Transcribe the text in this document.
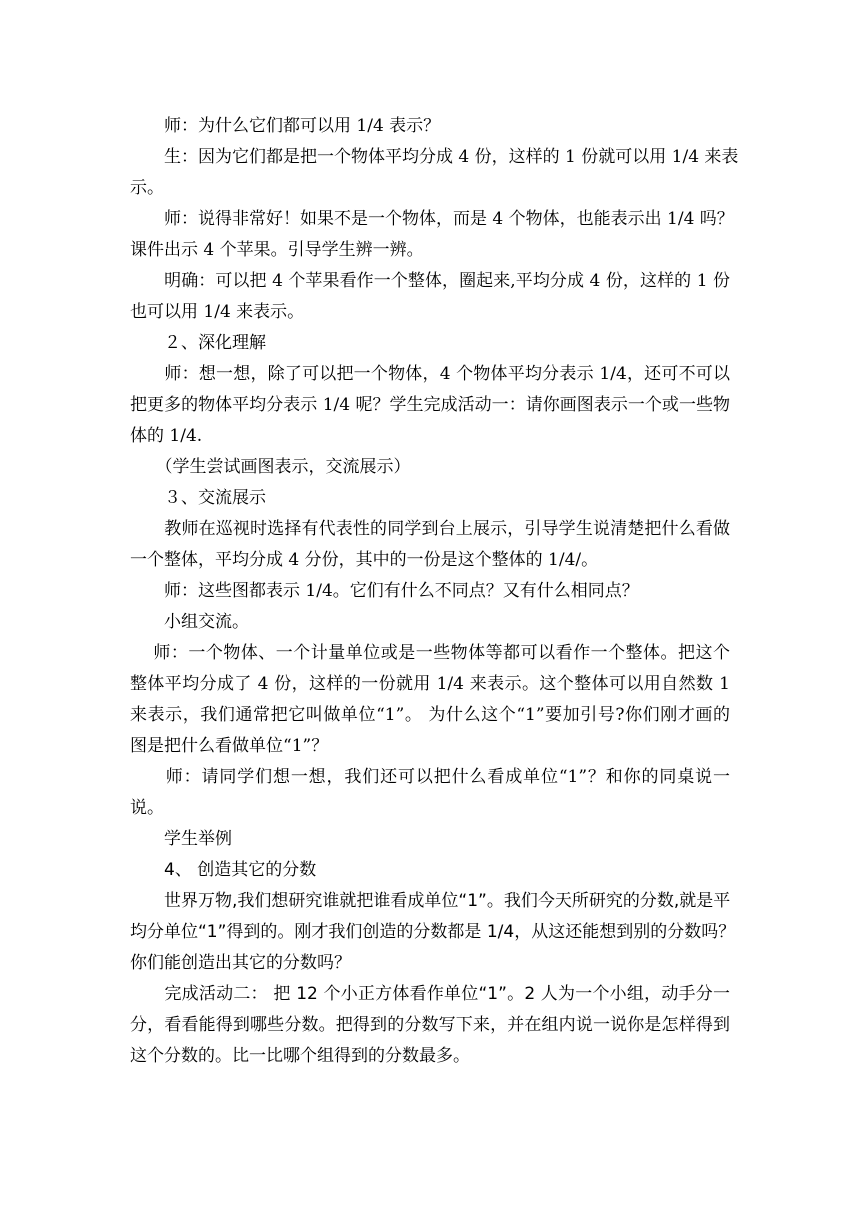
　　师：为什么它们都可以用 1/4 表示？

　　生：因为它们都是把一个物体平均分成 4 份，这样的 1 份就可以用 1/4 来表
示。

　　师：说得非常好！如果不是一个物体，而是 4 个物体，也能表示出 1/4 吗？
课件出示 4 个苹果。引导学生辨一辨。

　　明确：可以把 4 个苹果看作一个整体，圈起来,平均分成 4 份，这样的 1 份
也可以用 1/4 来表示。

　　２、深化理解

　　师：想一想，除了可以把一个物体，4 个物体平均分表示 1/4，还可不可以
把更多的物体平均分表示 1/4 呢？学生完成活动一：请你画图表示一个或一些物
体的 1/4.

　　（学生尝试画图表示，交流展示）

　　３、交流展示

　　教师在巡视时选择有代表性的同学到台上展示，引导学生说清楚把什么看做
一个整体，平均分成 4 分份，其中的一份是这个整体的 1/4/。

　　师：这些图都表示 1/4。它们有什么不同点？又有什么相同点？

　　小组交流。

　 师：一个物体、一个计量单位或是一些物体等都可以看作一个整体。把这个
整体平均分成了 4 份，这样的一份就用 1/4 来表示。这个整体可以用自然数 1
来表示，我们通常把它叫做单位“1”。 为什么这个“1”要加引号?你们刚才画的
图是把什么看做单位“1”？

　　师：请同学们想一想，我们还可以把什么看成单位“1”？和你的同桌说一
说。

　　学生举例

　　4、 创造其它的分数

　　世界万物,我们想研究谁就把谁看成单位“1”。我们今天所研究的分数,就是平
均分单位“1”得到的。刚才我们创造的分数都是 1/4，从这还能想到别的分数吗？
你们能创造出其它的分数吗？

　　完成活动二： 把 12 个小正方体看作单位“1”。2 人为一个小组，动手分一
分，看看能得到哪些分数。把得到的分数写下来，并在组内说一说你是怎样得到
这个分数的。比一比哪个组得到的分数最多。
